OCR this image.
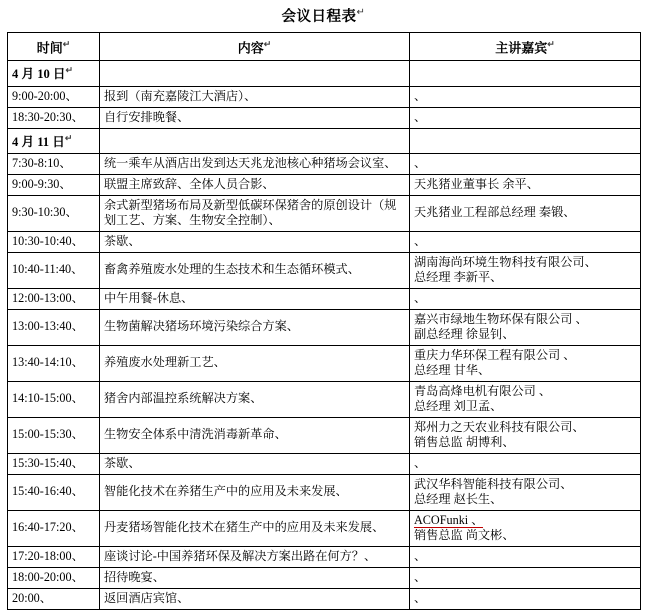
会议日程表↵
时间↵	内容↵	主讲嘉宾↵
4 月 10 日↵	

9:00-20:00、	报到（南充嘉陵江大酒店）、	、

18:30-20:30、	自行安排晚餐、	、

4 月 11 日↵	

7:30-8:10、	统一乘车从酒店出发到达天兆龙池核心种猪场会议室、	、

9:00-9:30、	联盟主席致辞、全体人员合影、	天兆猪业董事长 余平、

9:30-10:30、	余式新型猪场布局及新型低碳环保猪舍的原创设计（规划工艺、方案、生物安全控制）、	天兆猪业工程部总经理 秦锻、

10:30-10:40、	茶歇、	、

10:40-11:40、	畜禽养殖废水处理的生态技术和生态循环模式、	湖南海尚环境生物科技有限公司、
总经理 李新平、

12:00-13:00、	中午用餐-休息、	、

13:00-13:40、	生物菌解决猪场环境污染综合方案、	嘉兴市绿地生物环保有限公司 、
副总经理 徐显钊、

13:40-14:10、	养殖废水处理新工艺、	重庆力华环保工程有限公司 、
总经理 甘华、

14:10-15:00、	猪舍内部温控系统解决方案、	青岛高烽电机有限公司 、
总经理 刘卫孟、

15:00-15:30、	生物安全体系中清洗消毒新革命、	郑州力之天农业科技有限公司、
销售总监 胡博利、

15:30-15:40、	茶歇、	、

15:40-16:40、	智能化技术在养猪生产中的应用及未来发展、	武汉华科智能科技有限公司、
总经理 赵长生、

16:40-17:20、	丹麦猪场智能化技术在猪生产中的应用及未来发展、	ACOFunki 、
销售总监 尚文彬、

17:20-18:00、	座谈讨论-中国养猪环保及解决方案出路在何方？、	、

18:00-20:00、	招待晚宴、	、

20:00、	返回酒店宾馆、	、
